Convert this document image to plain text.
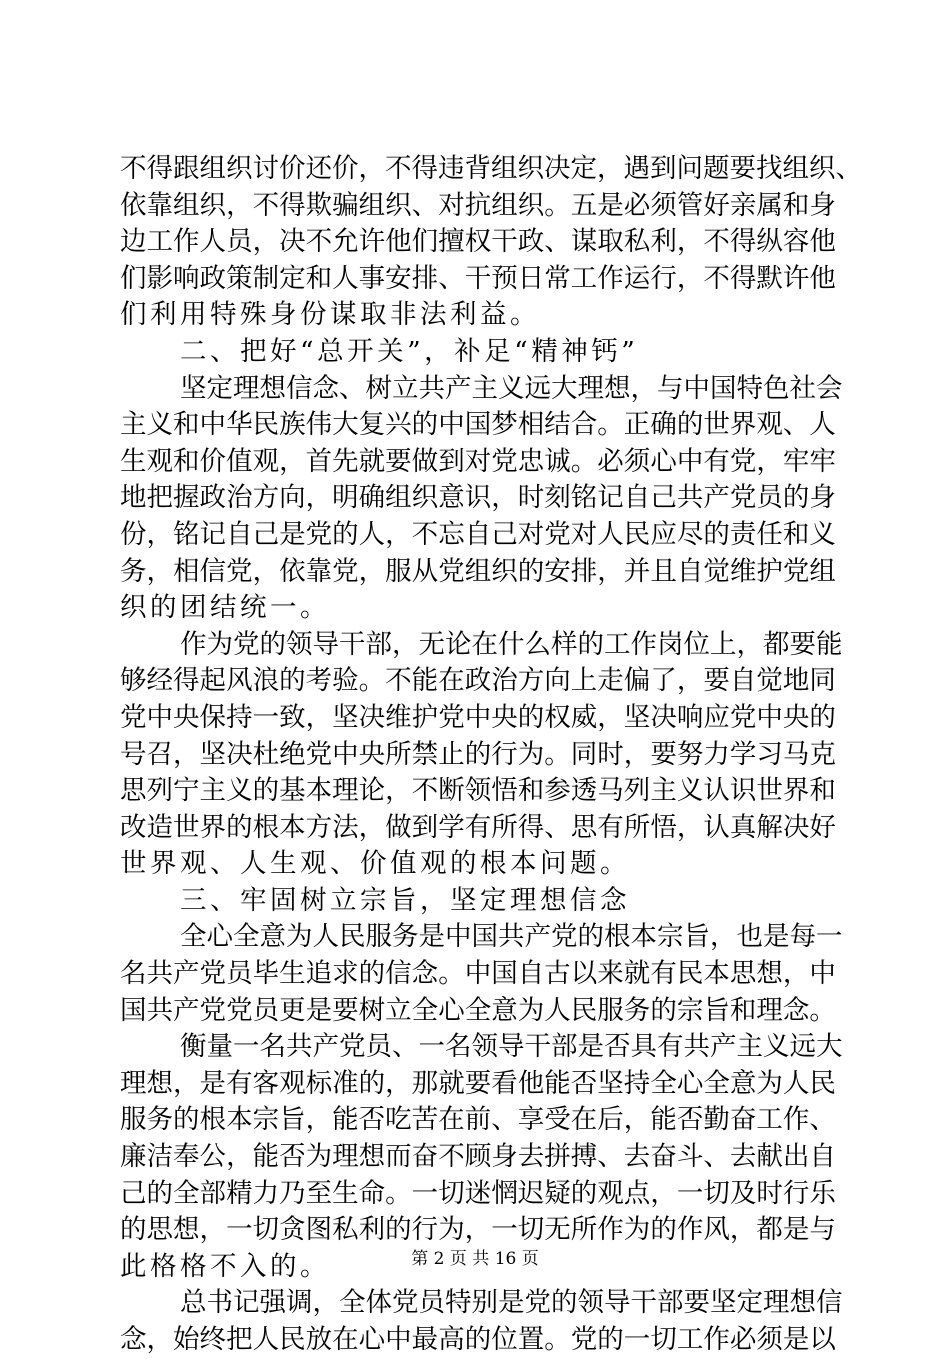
不 得 跟 组 织 讨 价 还 价 ， 不 得 违 背 组 织 决 定 ， 遇 到 问 题 要 找 组 织 、
依 靠 组 织 ， 不 得 欺 骗 组 织 、 对 抗 组 织 。 五 是 必 须 管 好 亲 属 和 身
边 工 作 人 员 ， 决 不 允 许 他 们 擅 权 干 政 、 谋 取 私 利 ， 不 得 纵 容 他
们 影 响 政 策 制 定 和 人 事 安 排 、 干 预 日 常 工 作 运 行 ， 不 得 默 许 他
们 利 用 特 殊 身 份 谋 取 非 法 利 益 。
二 、 把 好 “ 总 开 关 ” ， 补 足 “ 精 神 钙 ”
坚 定 理 想 信 念 、 树 立 共 产 主 义 远 大 理 想 ， 与 中 国 特 色 社 会
主 义 和 中 华 民 族 伟 大 复 兴 的 中 国 梦 相 结 合 。 正 确 的 世 界 观 、 人
生 观 和 价 值 观 ， 首 先 就 要 做 到 对 党 忠 诚 。 必 须 心 中 有 党 ， 牢 牢
地 把 握 政 治 方 向 ， 明 确 组 织 意 识 ， 时 刻 铭 记 自 己 共 产 党 员 的 身
份 ， 铭 记 自 己 是 党 的 人 ， 不 忘 自 己 对 党 对 人 民 应 尽 的 责 任 和 义
务 ， 相 信 党 ， 依 靠 党 ， 服 从 党 组 织 的 安 排 ， 并 且 自 觉 维 护 党 组
织 的 团 结 统 一 。
作 为 党 的 领 导 干 部 ， 无 论 在 什 么 样 的 工 作 岗 位 上 ， 都 要 能
够 经 得 起 风 浪 的 考 验 。 不 能 在 政 治 方 向 上 走 偏 了 ， 要 自 觉 地 同
党 中 央 保 持 一 致 ， 坚 决 维 护 党 中 央 的 权 威 ， 坚 决 响 应 党 中 央 的
号 召 ， 坚 决 杜 绝 党 中 央 所 禁 止 的 行 为 。 同 时 ， 要 努 力 学 习 马 克
思 列 宁 主 义 的 基 本 理 论 ， 不 断 领 悟 和 参 透 马 列 主 义 认 识 世 界 和
改 造 世 界 的 根 本 方 法 ， 做 到 学 有 所 得 、 思 有 所 悟 ， 认 真 解 决 好
世 界 观 、 人 生 观 、 价 值 观 的 根 本 问 题 。
三 、 牢 固 树 立 宗 旨 ， 坚 定 理 想 信 念
全 心 全 意 为 人 民 服 务 是 中 国 共 产 党 的 根 本 宗 旨 ， 也 是 每 一
名 共 产 党 员 毕 生 追 求 的 信 念 。 中 国 自 古 以 来 就 有 民 本 思 想 ， 中
国 共 产 党 党 员 更 是 要 树 立 全 心 全 意 为 人 民 服 务 的 宗 旨 和 理 念 。
衡 量 一 名 共 产 党 员 、 一 名 领 导 干 部 是 否 具 有 共 产 主 义 远 大
理 想 ， 是 有 客 观 标 准 的 ， 那 就 要 看 他 能 否 坚 持 全 心 全 意 为 人 民
服 务 的 根 本 宗 旨 ， 能 否 吃 苦 在 前 、 享 受 在 后 ， 能 否 勤 奋 工 作 、
廉 洁 奉 公 ， 能 否 为 理 想 而 奋 不 顾 身 去 拼 搏 、 去 奋 斗 、 去 献 出 自
己 的 全 部 精 力 乃 至 生 命 。 一 切 迷 惘 迟 疑 的 观 点 ， 一 切 及 时 行 乐
的 思 想 ， 一 切 贪 图 私 利 的 行 为 ， 一 切 无 所 作 为 的 作 风 ， 都 是 与
此 格 格 不 入 的 。
总 书 记 强 调 ， 全 体 党 员 特 别 是 党 的 领 导 干 部 要 坚 定 理 想 信
念 ， 始 终 把 人 民 放 在 心 中 最 高 的 位 置 。 党 的 一 切 工 作 必 须 是 以
第 2 页 共 16 页
